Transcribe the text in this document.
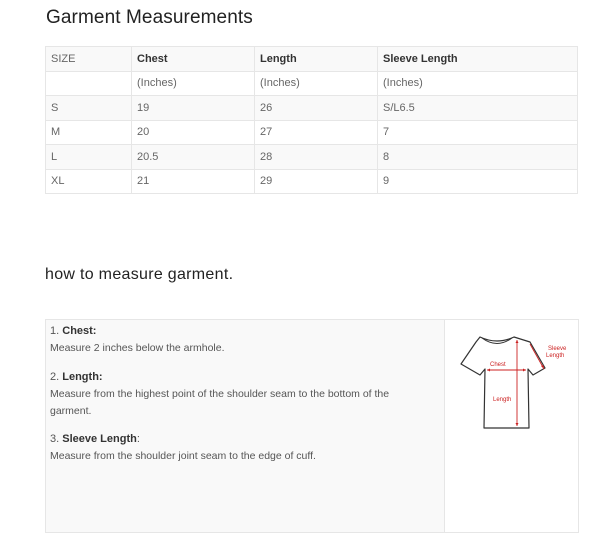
Garment Measurements
SIZE	Chest	Length	Sleeve Length
	(Inches)	(Inches)	(Inches)
S	19	26	S/L6.5
M	20	27	7
L	20.5	28	8
XL	21	29	9
how to measure garment.
1. Chest:
Measure 2 inches below the armhole.
2. Length:
Measure from the highest point of the shoulder seam to the bottom of the garment.
3. Sleeve Length:
Measure from the shoulder joint seam to the edge of cuff.
Chest
Length
Sleeve
Length
